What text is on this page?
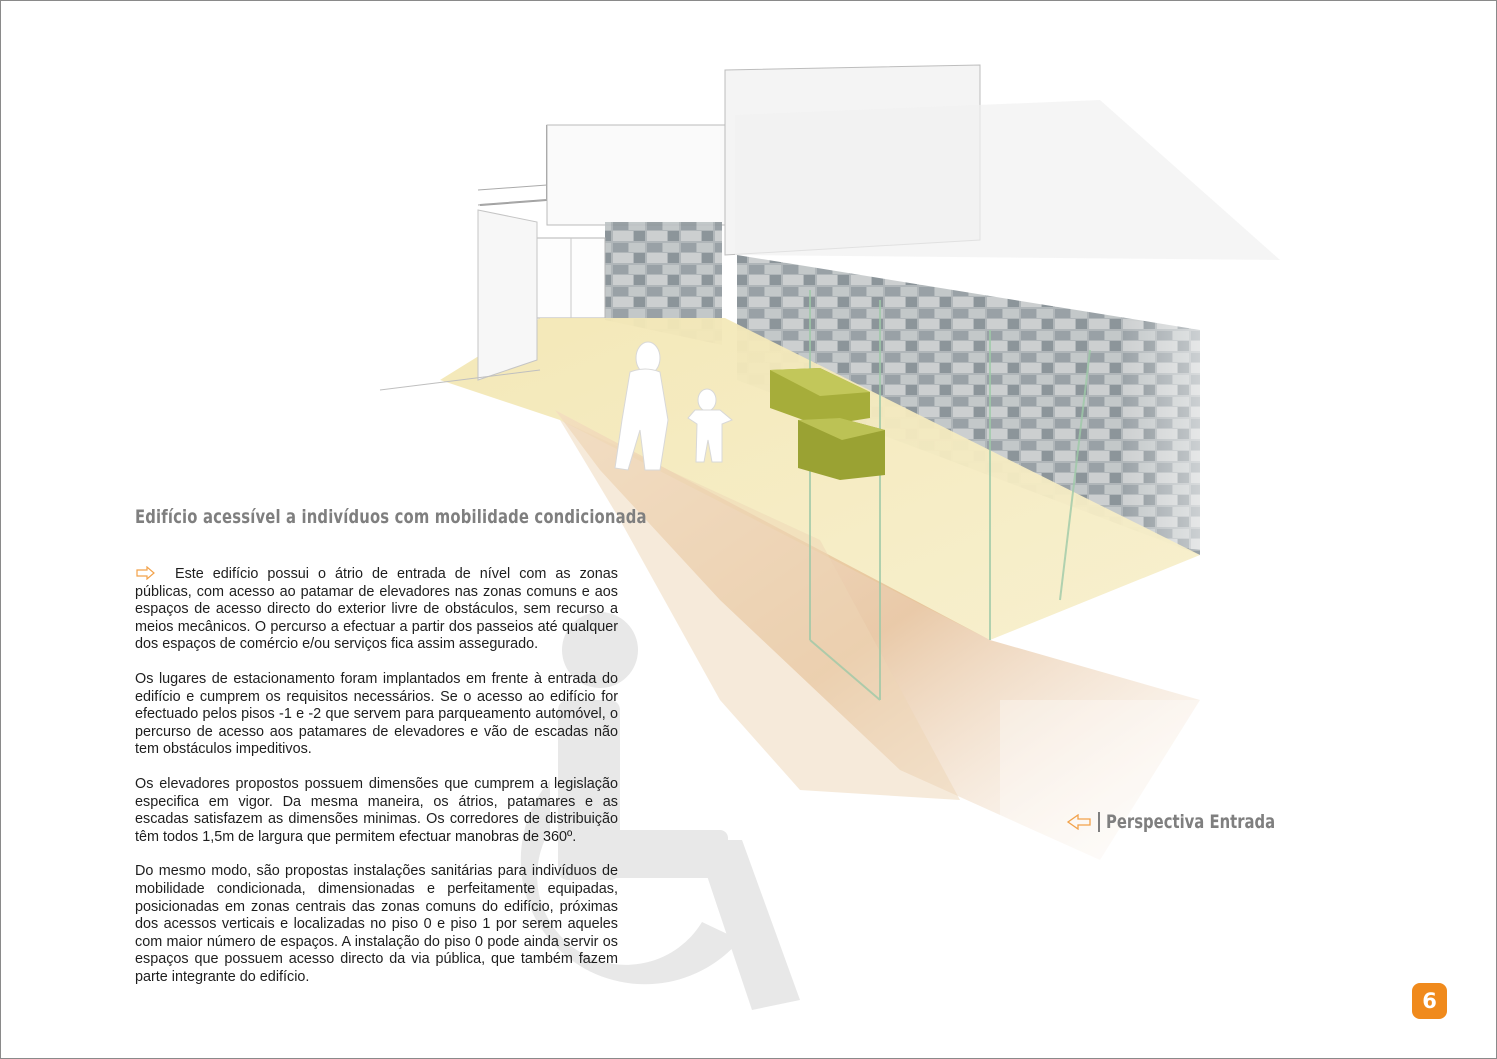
Edifício acessível a indivíduos com mobilidade condicionada

Este edifício possui o átrio de entrada de nível com as zonas públicas, com acesso ao patamar de elevadores nas zonas comuns e aos espaços de acesso directo do exterior livre de obstáculos, sem recurso a meios mecânicos. O percurso a efectuar a partir dos passeios até qualquer dos espaços de comércio e/ou serviços fica assim assegurado.

Os lugares de estacionamento foram implantados em frente à entrada do edifício e cumprem os requisitos necessários. Se o acesso ao edifício for efectuado pelos pisos -1 e -2 que servem para parqueamento automóvel, o percurso de acesso aos patamares de elevadores e vão de escadas não tem obstáculos impeditivos.

Os elevadores propostos possuem dimensões que cumprem a legislação especifica em vigor. Da mesma maneira, os átrios, patamares e as escadas satisfazem as dimensões minimas. Os corredores de distribuição têm todos 1,5m de largura que permitem efectuar manobras de 360º.

Do mesmo modo, são propostas instalações sanitárias para indivíduos de mobilidade condicionada, dimensionadas e perfeitamente equipadas, posicionadas em zonas centrais das zonas comuns do edifício, próximas dos acessos verticais e localizadas no piso 0 e piso 1 por serem aqueles com maior número de espaços. A instalação do piso 0 pode ainda servir os espaços que possuem acesso directo da via pública, que também fazem parte integrante do edifício.

Perspectiva Entrada
6
